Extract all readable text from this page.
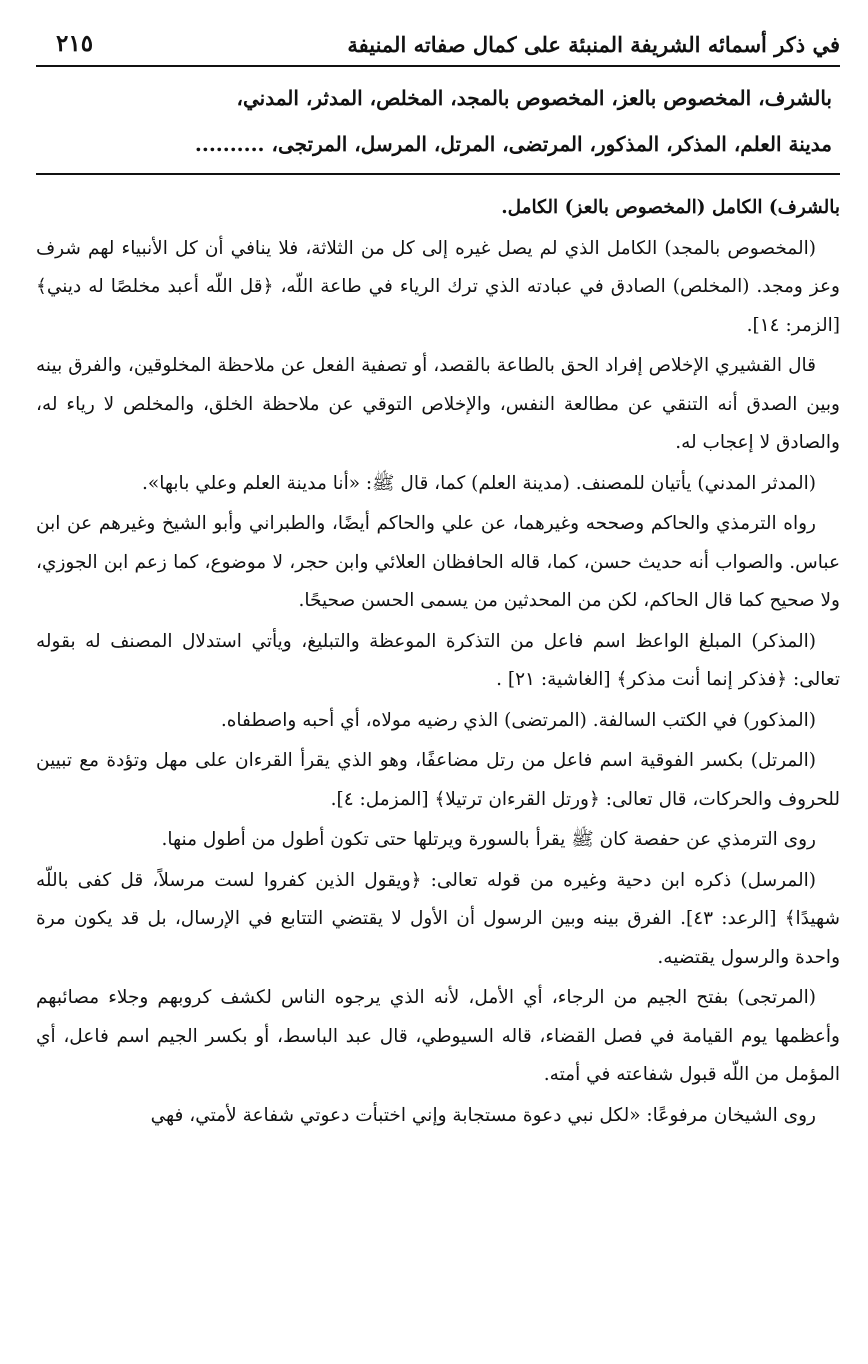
في ذكر أسمائه الشريفة المنبئة على كمال صفاته المنيفة
٢١٥
بالشرف، المخصوص بالعز، المخصوص بالمجد، المخلص، المدثر، المدني،
مدينة العلم، المذكر، المذكور، المرتضى، المرتل، المرسل، المرتجى، ..........

بالشرف) الكامل (المخصوص بالعز) الكامل.

(المخصوص بالمجد) الكامل الذي لم يصل غيره إلى كل من الثلاثة، فلا ينافي أن كل الأنبياء لهم شرف وعز ومجد. (المخلص) الصادق في عبادته الذي ترك الرياء في طاعة اللّه، ﴿قل اللّه أعبد مخلصًا له ديني﴾ [الزمر: ١٤].

قال القشيري الإخلاص إفراد الحق بالطاعة بالقصد، أو تصفية الفعل عن ملاحظة المخلوقين، والفرق بينه وبين الصدق أنه التنقي عن مطالعة النفس، والإخلاص التوقي عن ملاحظة الخلق، والمخلص لا رياء له، والصادق لا إعجاب له.

(المدثر المدني) يأتيان للمصنف. (مدينة العلم) كما، قال ﷺ: «أنا مدينة العلم وعلي بابها».

رواه الترمذي والحاكم وصححه وغيرهما، عن علي والحاكم أيضًا، والطبراني وأبو الشيخ وغيرهم عن ابن عباس. والصواب أنه حديث حسن، كما، قاله الحافظان العلائي وابن حجر، لا موضوع، كما زعم ابن الجوزي، ولا صحيح كما قال الحاكم، لكن من المحدثين من يسمى الحسن صحيحًا.

(المذكر) المبلغ الواعظ اسم فاعل من التذكرة الموعظة والتبليغ، ويأتي استدلال المصنف له بقوله تعالى: ﴿فذكر إنما أنت مذكر﴾ [الغاشية: ٢١] .

(المذكور) في الكتب السالفة. (المرتضى) الذي رضيه مولاه، أي أحبه واصطفاه.

(المرتل) بكسر الفوقية اسم فاعل من رتل مضاعفًا، وهو الذي يقرأ القرءان على مهل وتؤدة مع تبيين للحروف والحركات، قال تعالى: ﴿ورتل القرءان ترتيلا﴾ [المزمل: ٤].

روى الترمذي عن حفصة كان ﷺ يقرأ بالسورة ويرتلها حتى تكون أطول من أطول منها.

(المرسل) ذكره ابن دحية وغيره من قوله تعالى: ﴿ويقول الذين كفروا لست مرسلاً، قل كفى باللّه شهيدًا﴾ [الرعد: ٤٣]. الفرق بينه وبين الرسول أن الأول لا يقتضي التتابع في الإرسال، بل قد يكون مرة واحدة والرسول يقتضيه.

(المرتجى) بفتح الجيم من الرجاء، أي الأمل، لأنه الذي يرجوه الناس لكشف كروبهم وجلاء مصائبهم وأعظمها يوم القيامة في فصل القضاء، قاله السيوطي، قال عبد الباسط، أو بكسر الجيم اسم فاعل، أي المؤمل من اللّه قبول شفاعته في أمته.

روى الشيخان مرفوعًا: «لكل نبي دعوة مستجابة وإني اختبأت دعوتي شفاعة لأمتي، فهي
